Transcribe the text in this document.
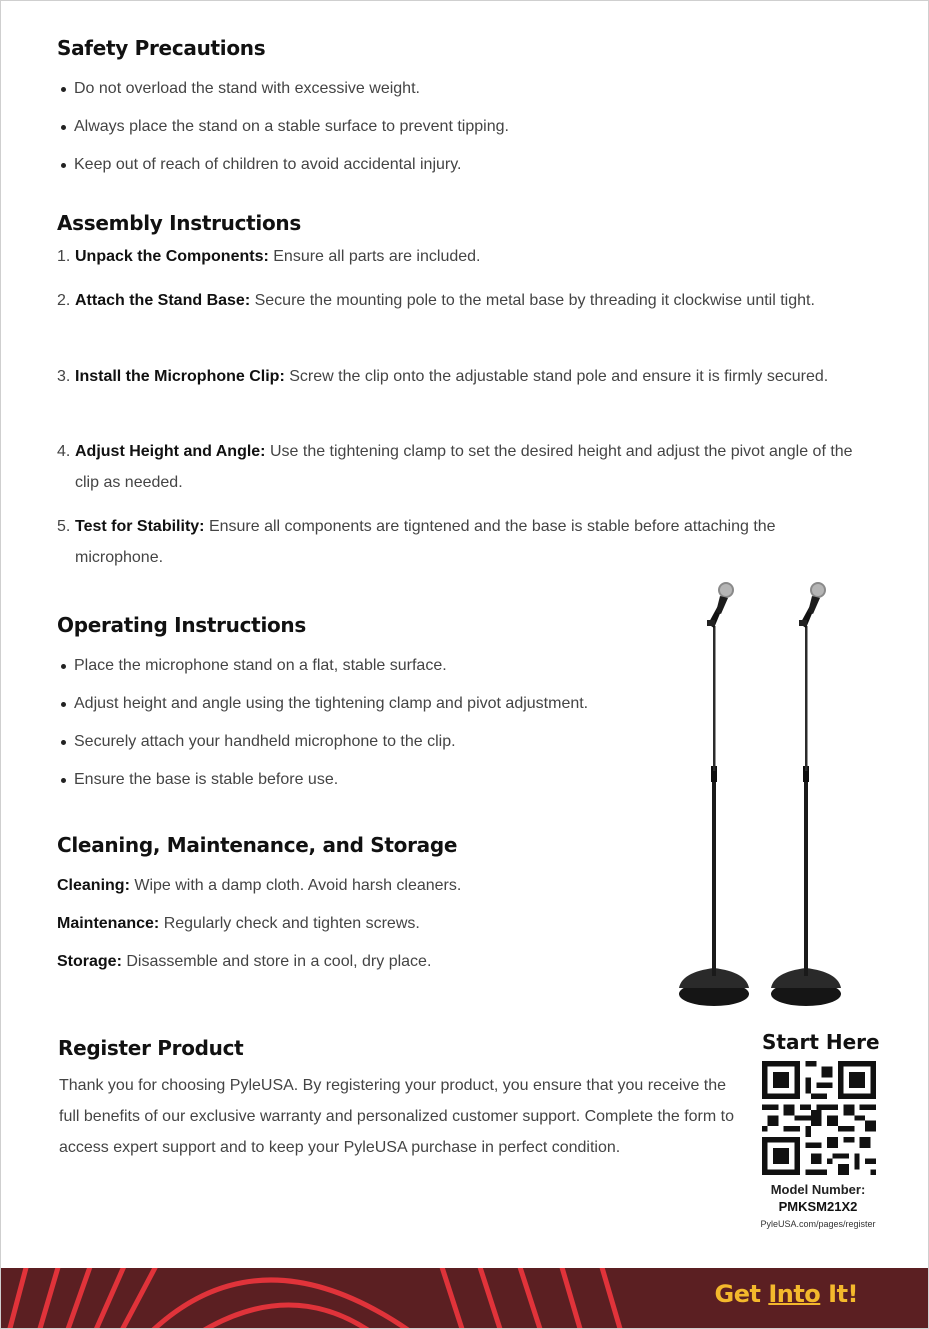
Safety Precautions
Do not overload the stand with excessive weight.
Always place the stand on a stable surface to prevent tipping.
Keep out of reach of children to avoid accidental injury.
Assembly Instructions
1. Unpack the Components: Ensure all parts are included.
2. Attach the Stand Base: Secure the mounting pole to the metal base by threading it clockwise until tight.
3. Install the Microphone Clip: Screw the clip onto the adjustable stand pole and ensure it is firmly secured.
4. Adjust Height and Angle: Use the tightening clamp to set the desired height and adjust the pivot angle of the clip as needed.
5. Test for Stability: Ensure all components are tigntened and the base is stable before attaching the microphone.
Operating Instructions
Place the microphone stand on a flat, stable surface.
Adjust height and angle using the tightening clamp and pivot adjustment.
Securely attach your handheld microphone to the clip.
Ensure the base is stable before use.
Cleaning, Maintenance, and Storage

Cleaning: Wipe with a damp cloth. Avoid harsh cleaners.

Maintenance: Regularly check and tighten screws.

Storage: Disassemble and store in a cool, dry place.

Register Product

Thank you for choosing PyleUSA. By registering your product, you ensure that you receive the full benefits of our exclusive warranty and personalized customer support. Complete the form to access expert support and to keep your PyleUSA purchase in perfect condition.

Start Here
Model Number:
PMKSM21X2
PyleUSA.com/pages/register
Get Into It!
